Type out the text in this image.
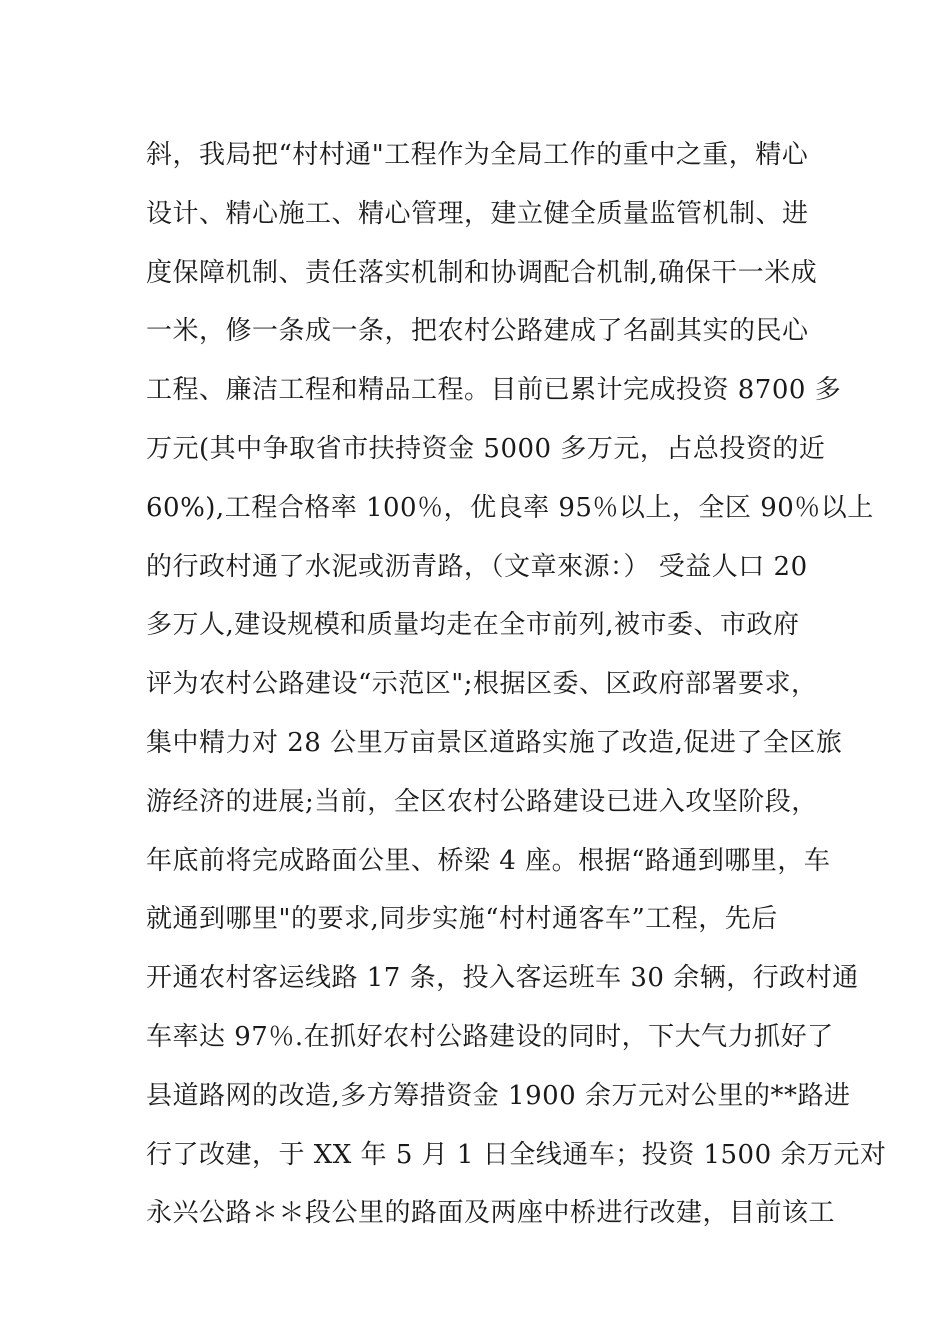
斜，我局把“村村通"工程作为全局工作的重中之重，精心
设计、精心施工、精心管理，建立健全质量监管机制、进
度保障机制、责任落实机制和协调配合机制,确保干一米成
一米，修一条成一条，把农村公路建成了名副其实的民心
工程、廉洁工程和精品工程。目前已累计完成投资 8700 多
万元(其中争取省市扶持资金 5000 多万元，占总投资的近
60%),工程合格率 100％，优良率 95％以上，全区 90％以上
的行政村通了水泥或沥青路，（文章來源：） 受益人口 20
多万人,建设规模和质量均走在全市前列,被市委、市政府
评为农村公路建设“示范区";根据区委、区政府部署要求，
集中精力对 28 公里万亩景区道路实施了改造,促进了全区旅
游经济的进展;当前，全区农村公路建设已进入攻坚阶段，
年底前将完成路面公里、桥梁 4 座。根据“路通到哪里，车
就通到哪里"的要求,同步实施“村村通客车”工程，先后
开通农村客运线路 17 条，投入客运班车 30 余辆，行政村通
车率达 97％.在抓好农村公路建设的同时，下大气力抓好了
县道路网的改造,多方筹措资金 1900 余万元对公里的**路进
行了改建，于 XX 年 5 月 1 日全线通车；投资 1500 余万元对
永兴公路＊＊段公里的路面及两座中桥进行改建，目前该工
